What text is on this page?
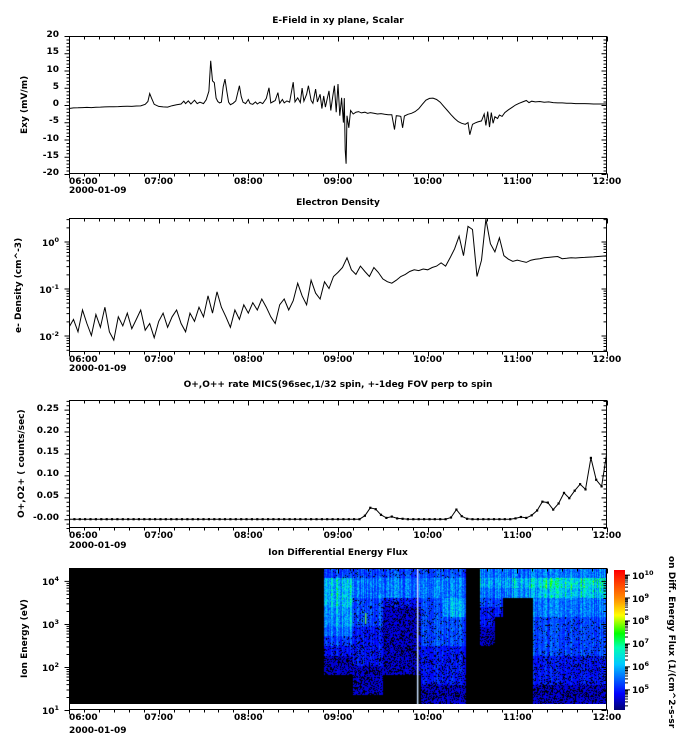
E-Field in xy plane, Scalar
Electron Density
O+,O++ rate MICS(96sec,1/32 spin, +-1deg FOV perp to spin
Ion Differential Energy Flux
Exy (mV/m)
e- Density (cm^-3)
O+,O2+ ( counts/sec)
Ion Energy (eV)
2000-01-09
2000-01-09
2000-01-09
2000-01-09
on Diff. Energy Flux (1/(cm^2-s-sr
20
15
10
5
0
-5
-10
-15
-20
06:00	07:00	08:00	09:00	10:00	11:00	12:00
$10^0$
$10^{-1}$
$10^{-2}$
06:00	07:00	08:00	09:00	10:00	11:00	12:00
0.25
0.20
0.15
0.10
0.05
-0.00
06:00	07:00	08:00	09:00	10:00	11:00	12:00
$10^4$
$10^3$
$10^2$
$10^1$
06:00	07:00	08:00	09:00	10:00	11:00	12:00
$10^{10}$
$10^9$
$10^8$
$10^7$
$10^6$
$10^5$
